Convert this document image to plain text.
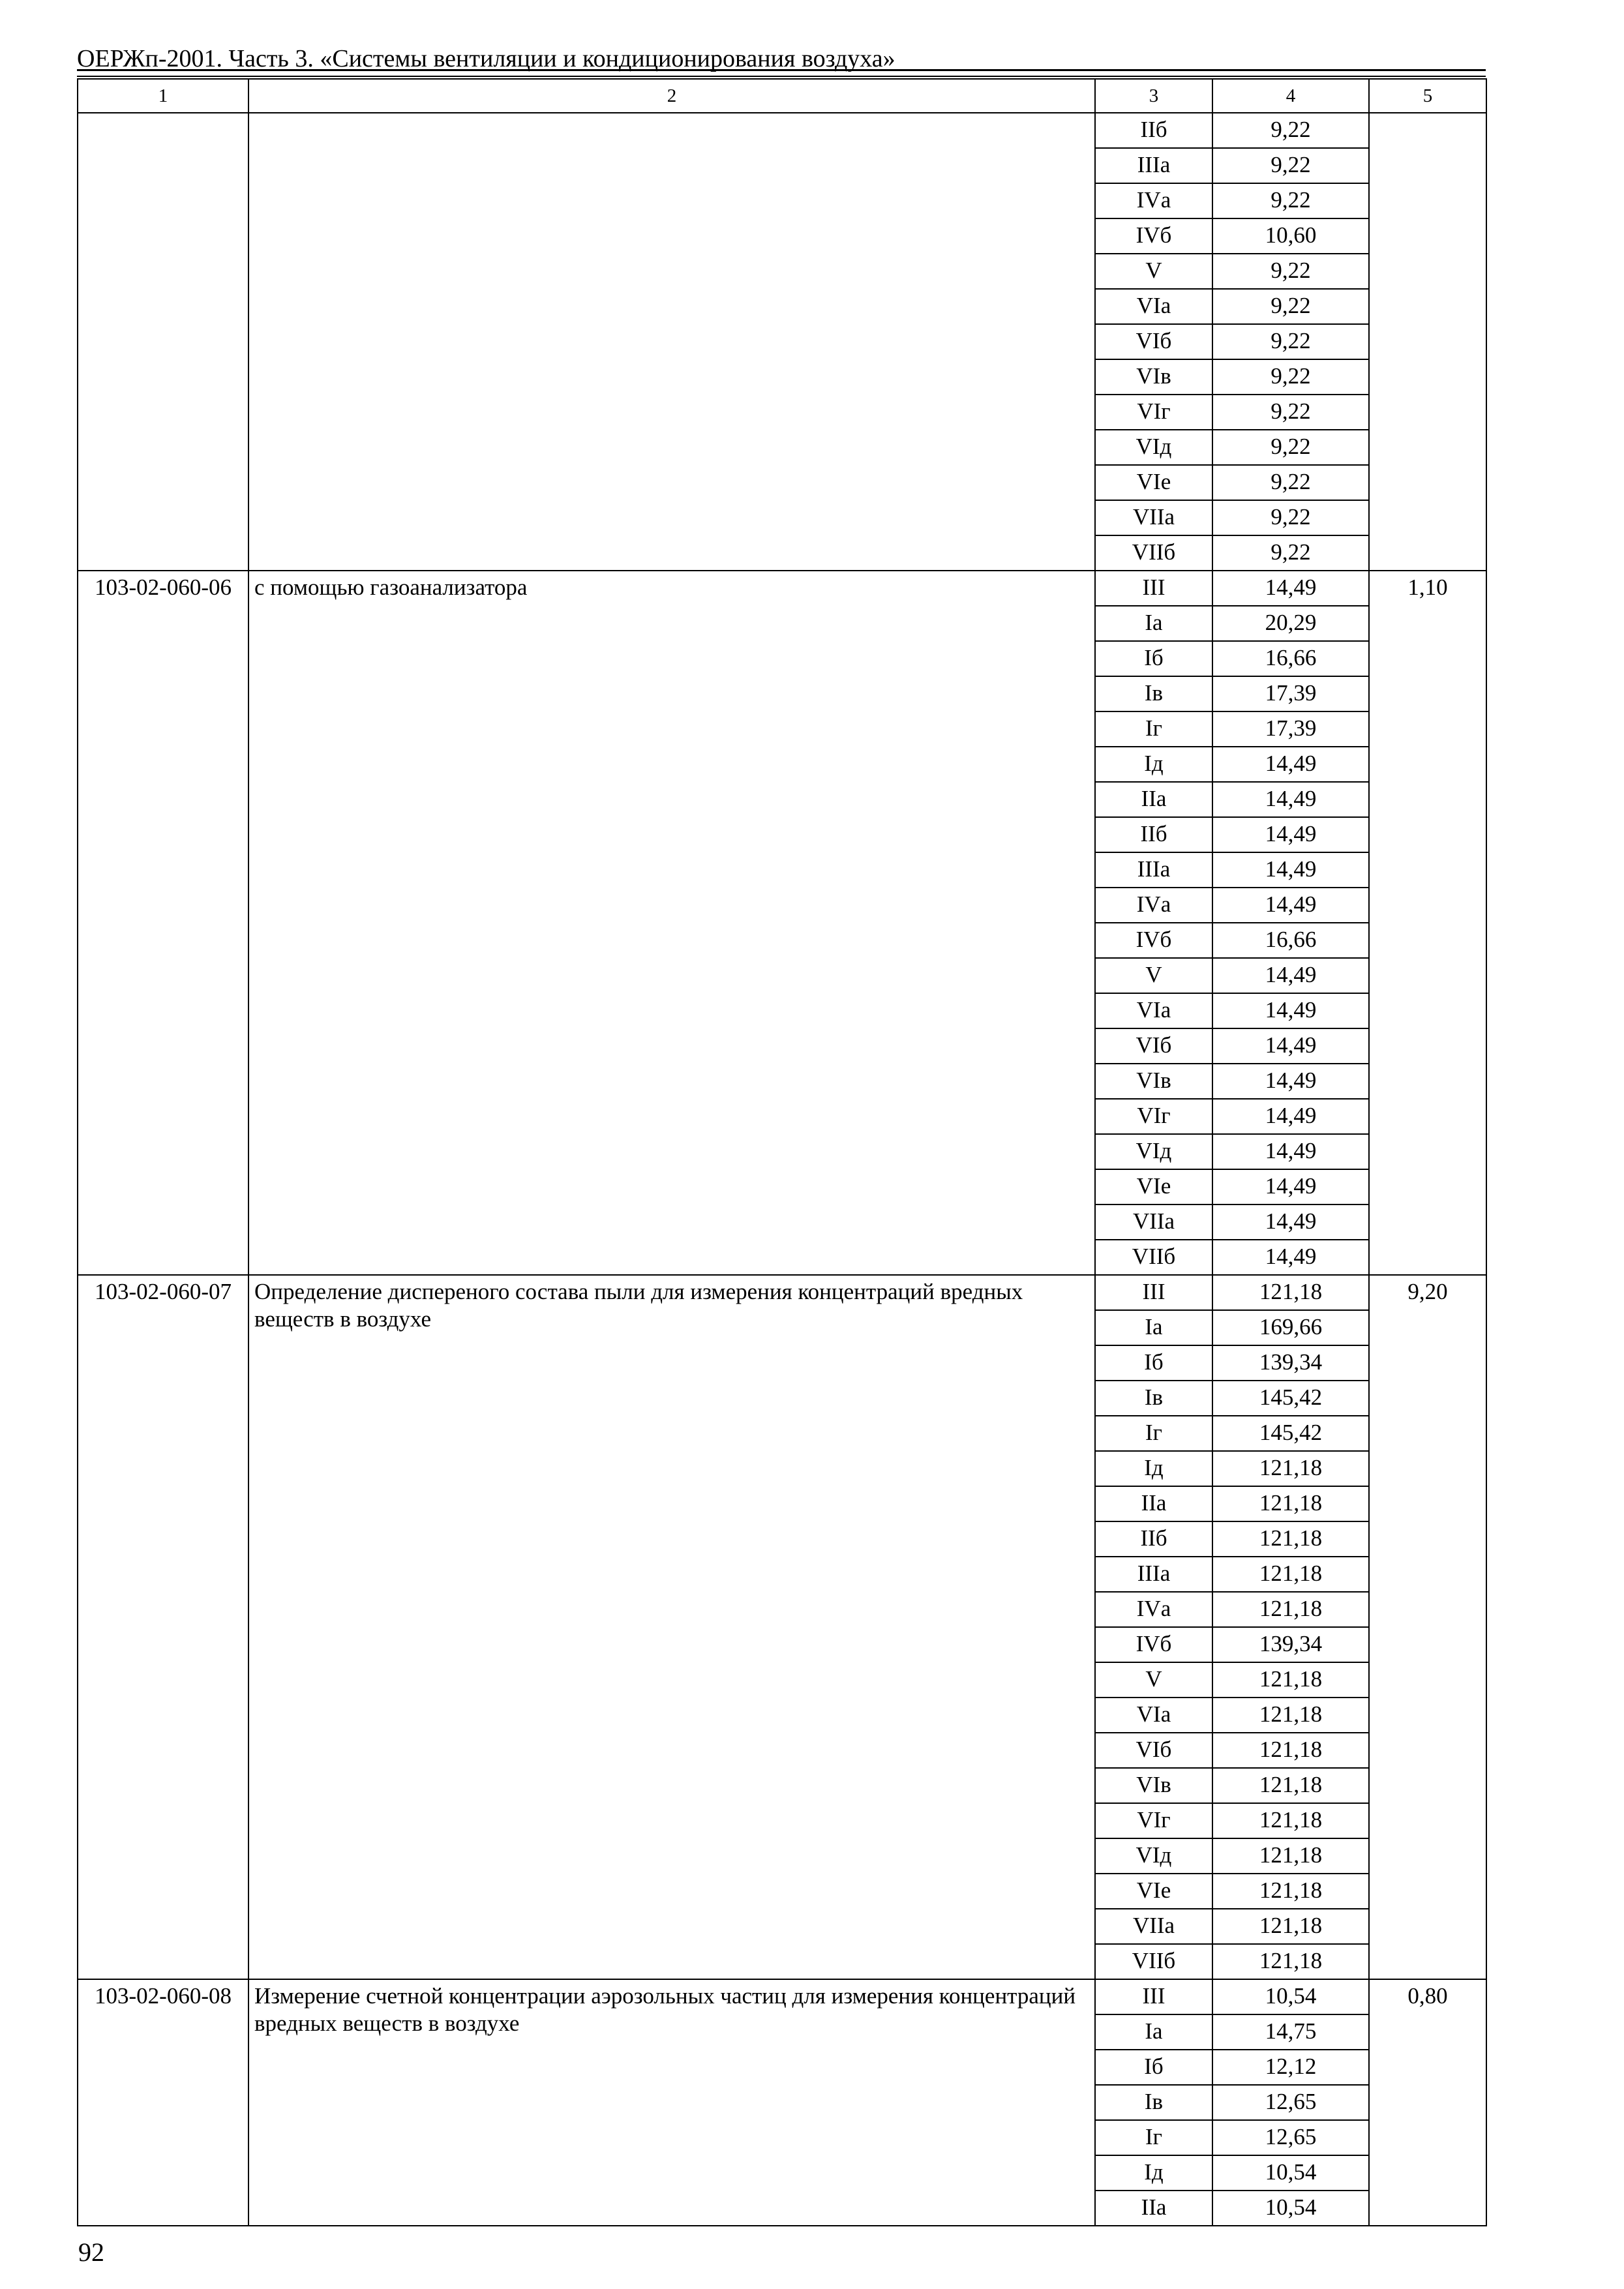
ОЕРЖп-2001. Часть 3. «Системы вентиляции и кондиционирования воздуха»
1	2	3	4	5
		IIб	9,22	
		IIIа	9,22	
		IVа	9,22	
		IVб	10,60	
		V	9,22	
		VIа	9,22	
		VIб	9,22	
		VIв	9,22	
		VIг	9,22	
		VIд	9,22	
		VIе	9,22	
		VIIа	9,22	
		VIIб	9,22	
103-02-060-06	с помощью газоанализатора	III	14,49	1,10
		Iа	20,29	
		Iб	16,66	
		Iв	17,39	
		Iг	17,39	
		Iд	14,49	
		IIа	14,49	
		IIб	14,49	
		IIIа	14,49	
		IVа	14,49	
		IVб	16,66	
		V	14,49	
		VIа	14,49	
		VIб	14,49	
		VIв	14,49	
		VIг	14,49	
		VIд	14,49	
		VIе	14,49	
		VIIа	14,49	
		VIIб	14,49	
103-02-060-07	Определение диспереного состава пыли для измерения концентраций вредных веществ в воздухе	III	121,18	9,20
		Iа	169,66	
		Iб	139,34	
		Iв	145,42	
		Iг	145,42	
		Iд	121,18	
		IIа	121,18	
		IIб	121,18	
		IIIа	121,18	
		IVа	121,18	
		IVб	139,34	
		V	121,18	
		VIа	121,18	
		VIб	121,18	
		VIв	121,18	
		VIг	121,18	
		VIд	121,18	
		VIе	121,18	
		VIIа	121,18	
		VIIб	121,18	
103-02-060-08	Измерение счетной концентрации аэрозольных частиц для измерения концентраций вредных веществ в воздухе	III	10,54	0,80
		Iа	14,75	
		Iб	12,12	
		Iв	12,65	
		Iг	12,65	
		Iд	10,54	
		IIа	10,54	
92
